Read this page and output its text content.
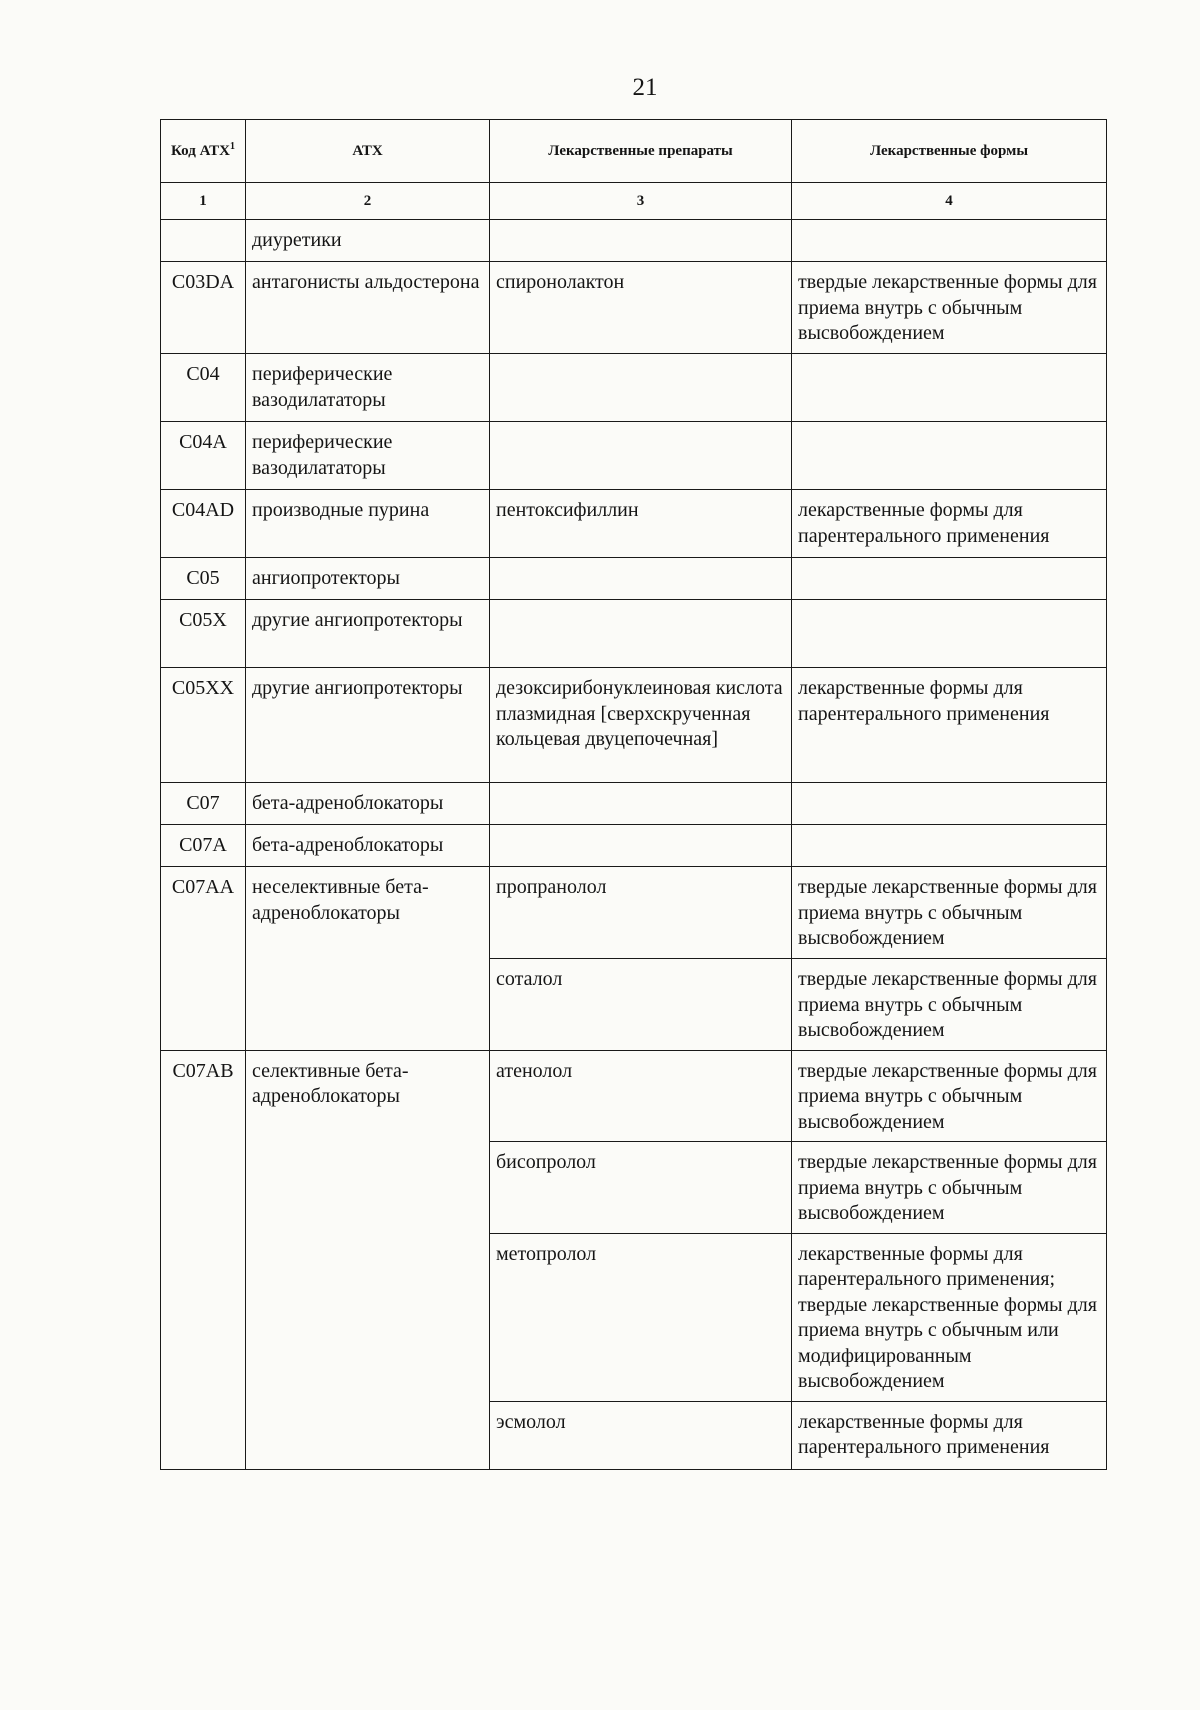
21
Код АТХ$^1$	АТХ	Лекарственные препараты	Лекарственные формы
1	2	3	4
	диуретики		
C03DA	антагонисты альдостерона	спиронолактон	твердые лекарственные формы для приема внутрь с обычным высвобождением
C04	периферические вазодилататоры		
C04A	периферические вазодилататоры		
C04AD	производные пурина	пентоксифиллин	лекарственные формы для парентерального применения
C05	ангиопротекторы		
C05X	другие ангиопротекторы		
C05XX	другие ангиопротекторы	дезоксирибонуклеиновая кислота плазмидная [сверхскрученная кольцевая двуцепочечная]	лекарственные формы для парентерального применения
C07	бета-адреноблокаторы		
C07A	бета-адреноблокаторы		
C07AA	неселективные бета-адреноблокаторы	пропранолол	твердые лекарственные формы для приема внутрь с обычным высвобождением
		соталол	твердые лекарственные формы для приема внутрь с обычным высвобождением
C07AB	селективные бета-адреноблокаторы	атенолол	твердые лекарственные формы для приема внутрь с обычным высвобождением
		бисопролол	твердые лекарственные формы для приема внутрь с обычным высвобождением
		метопролол	лекарственные формы для парентерального применения; твердые лекарственные формы для приема внутрь с обычным или модифицированным высвобождением
		эсмолол	лекарственные формы для парентерального применения
